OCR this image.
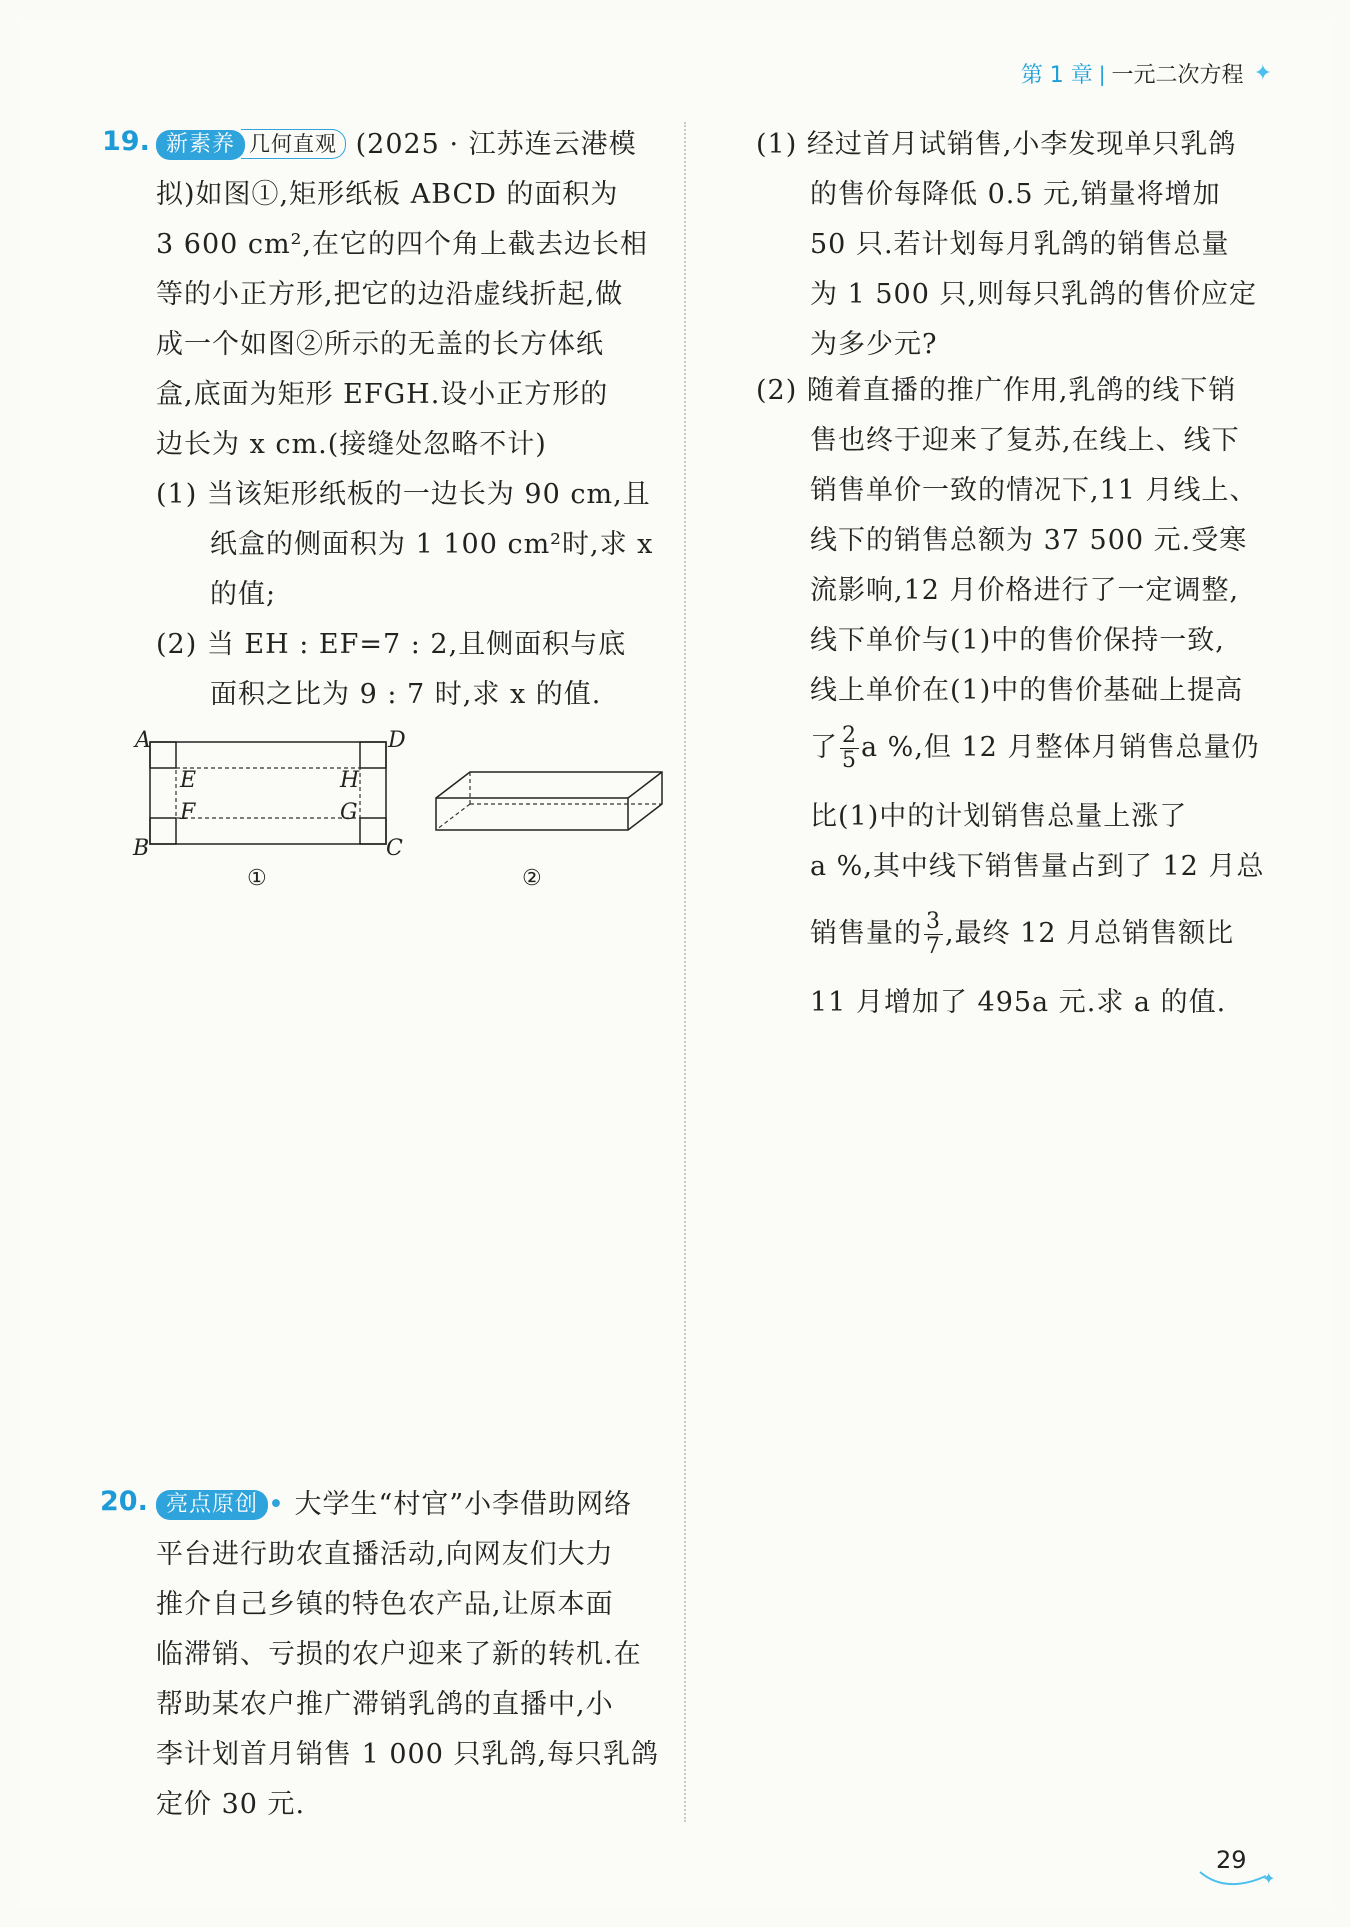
第 1 章 | 一元二次方程 ✦
19. 新素养 几何直观 (2025 · 江苏连云港模
拟)如图①,矩形纸板 ABCD 的面积为
3 600 cm²,在它的四个角上截去边长相
等的小正方形,把它的边沿虚线折起,做
成一个如图②所示的无盖的长方体纸
盒,底面为矩形 EFGH.设小正方形的
边长为 x cm.(接缝处忽略不计)
(1) 当该矩形纸板的一边长为 90 cm,且
纸盒的侧面积为 1 100 cm²时,求 x
的值;
(2) 当 EH : EF=7 : 2,且侧面积与底
面积之比为 9 : 7 时,求 x 的值.
A	D
B	C
E
F	G
H
①	②
20. 亮点原创 • 大学生“村官”小李借助网络
平台进行助农直播活动,向网友们大力
推介自己乡镇的特色农产品,让原本面
临滞销、亏损的农户迎来了新的转机.在
帮助某农户推广滞销乳鸽的直播中,小
李计划首月销售 1 000 只乳鸽,每只乳鸽
定价 30 元.
(1) 经过首月试销售,小李发现单只乳鸽
的售价每降低 0.5 元,销量将增加
50 只.若计划每月乳鸽的销售总量
为 1 500 只,则每只乳鸽的售价应定
为多少元?
(2) 随着直播的推广作用,乳鸽的线下销
售也终于迎来了复苏,在线上、线下
销售单价一致的情况下,11 月线上、
线下的销售总额为 37 500 元.受寒
流影响,12 月价格进行了一定调整,
线下单价与(1)中的售价保持一致,
线上单价在(1)中的售价基础上提高
了 $\frac{2}{5}$ a %,但 12 月整体月销售总量仍
比(1)中的计划销售总量上涨了
a %,其中线下销售量占到了 12 月总
销售量的 $\frac{3}{7}$ ,最终 12 月总销售额比
11 月增加了 495a 元.求 a 的值.
✦
29
